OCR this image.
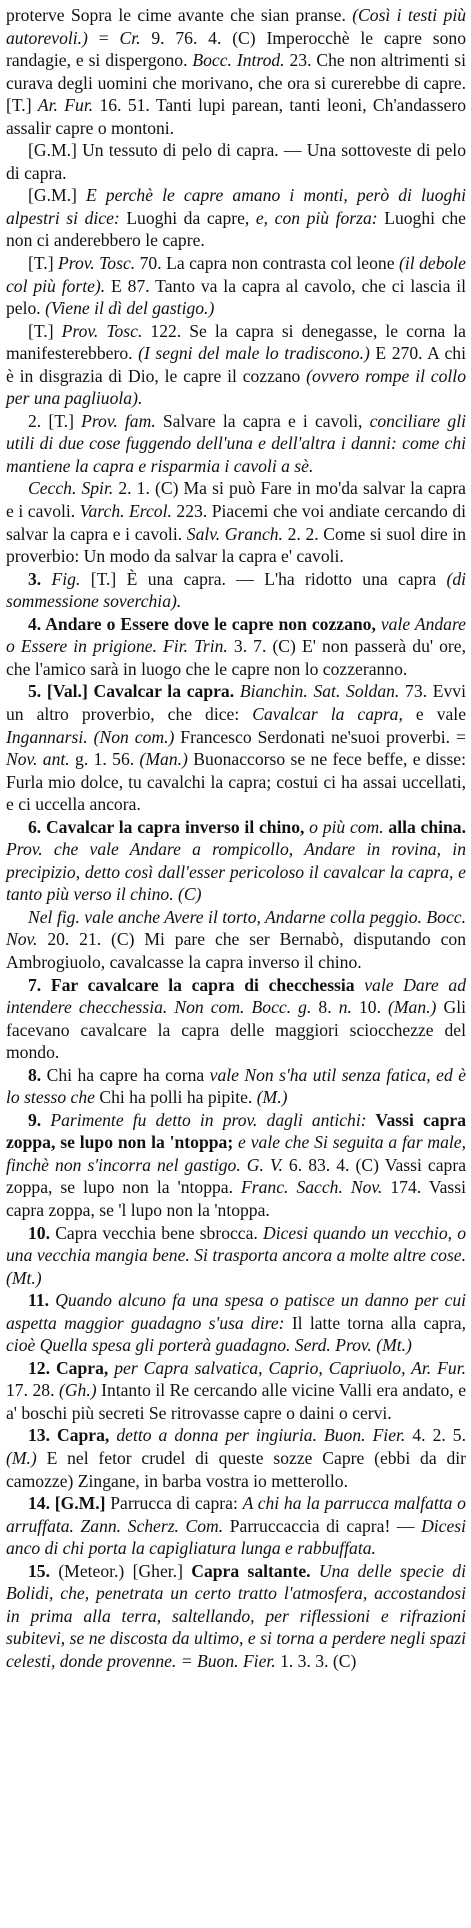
proterve Sopra le cime avante che sian pranse. (Così i testi più autorevoli.) = Cr. 9. 76. 4. (C) Imperocchè le capre sono randagie, e si dispergono. Bocc. Introd. 23. Che non altrimenti si curava degli uomini che morivano, che ora si curerebbe di capre. [T.] Ar. Fur. 16. 51. Tanti lupi parean, tanti leoni, Ch'andassero assalir capre o montoni.

[G.M.] Un tessuto di pelo di capra. — Una sottoveste di pelo di capra.

[G.M.] E perchè le capre amano i monti, però di luoghi alpestri si dice: Luoghi da capre, e, con più forza: Luoghi che non ci anderebbero le capre.

[T.] Prov. Tosc. 70. La capra non contrasta col leone (il debole col più forte). E 87. Tanto va la capra al cavolo, che ci lascia il pelo. (Viene il dì del gastigo.)

[T.] Prov. Tosc. 122. Se la capra si denegasse, le corna la manifesterebbero. (I segni del male lo tradiscono.) E 270. A chi è in disgrazia di Dio, le capre il cozzano (ovvero rompe il collo per una pagliuola).

2. [T.] Prov. fam. Salvare la capra e i cavoli, conciliare gli utili di due cose fuggendo dell'una e dell'altra i danni: come chi mantiene la capra e risparmia i cavoli a sè.

Cecch. Spir. 2. 1. (C) Ma si può Fare in mo'da salvar la capra e i cavoli. Varch. Ercol. 223. Piacemi che voi andiate cercando di salvar la capra e i cavoli. Salv. Granch. 2. 2. Come si suol dire in proverbio: Un modo da salvar la capra e' cavoli.

3. Fig. [T.] È una capra. — L'ha ridotto una capra (di sommessione soverchia).

4. Andare o Essere dove le capre non cozzano, vale Andare o Essere in prigione. Fir. Trin. 3. 7. (C) E' non passerà du' ore, che l'amico sarà in luogo che le capre non lo cozzeranno.

5. [Val.] Cavalcar la capra. Bianchin. Sat. Soldan. 73. Evvi un altro proverbio, che dice: Cavalcar la capra, e vale Ingannarsi. (Non com.) Francesco Serdonati ne'suoi proverbi. = Nov. ant. g. 1. 56. (Man.) Buonaccorso se ne fece beffe, e disse: Furla mio dolce, tu cavalchi la capra; costui ci ha assai uccellati, e ci uccella ancora.

6. Cavalcar la capra inverso il chino, o più com. alla china. Prov. che vale Andare a rompicollo, Andare in rovina, in precipizio, detto così dall'esser pericoloso il cavalcar la capra, e tanto più verso il chino. (C)

Nel fig. vale anche Avere il torto, Andarne colla peggio. Bocc. Nov. 20. 21. (C) Mi pare che ser Bernabò, disputando con Ambrogiuolo, cavalcasse la capra inverso il chino.

7. Far cavalcare la capra di checchessia vale Dare ad intendere checchessia. Non com. Bocc. g. 8. n. 10. (Man.) Gli facevano cavalcare la capra delle maggiori sciocchezze del mondo.

8. Chi ha capre ha corna vale Non s'ha util senza fatica, ed è lo stesso che Chi ha polli ha pipite. (M.)

9. Parimente fu detto in prov. dagli antichi: Vassi capra zoppa, se lupo non la 'ntoppa; e vale che Si seguita a far male, finchè non s'incorra nel gastigo. G. V. 6. 83. 4. (C) Vassi capra zoppa, se lupo non la 'ntoppa. Franc. Sacch. Nov. 174. Vassi capra zoppa, se 'l lupo non la 'ntoppa.

10. Capra vecchia bene sbrocca. Dicesi quando un vecchio, o una vecchia mangia bene. Si trasporta ancora a molte altre cose. (Mt.)

11. Quando alcuno fa una spesa o patisce un danno per cui aspetta maggior guadagno s'usa dire: Il latte torna alla capra, cioè Quella spesa gli porterà guadagno. Serd. Prov. (Mt.)

12. Capra, per Capra salvatica, Caprio, Capriuolo, Ar. Fur. 17. 28. (Gh.) Intanto il Re cercando alle vicine Valli era andato, e a' boschi più secreti Se ritrovasse capre o daini o cervi.

13. Capra, detto a donna per ingiuria. Buon. Fier. 4. 2. 5. (M.) E nel fetor crudel di queste sozze Capre (ebbi da dir camozze) Zingane, in barba vostra io metterollo.

14. [G.M.] Parrucca di capra: A chi ha la parrucca malfatta o arruffata. Zann. Scherz. Com. Parruccaccia di capra! — Dicesi anco di chi porta la capigliatura lunga e rabbuffata.

15. (Meteor.) [Gher.] Capra saltante. Una delle specie di Bolidi, che, penetrata un certo tratto l'atmosfera, accostandosi in prima alla terra, saltellando, per riflessioni e rifrazioni subitevi, se ne discosta da ultimo, e si torna a perdere negli spazi celesti, donde provenne. = Buon. Fier. 1. 3. 3. (C)
